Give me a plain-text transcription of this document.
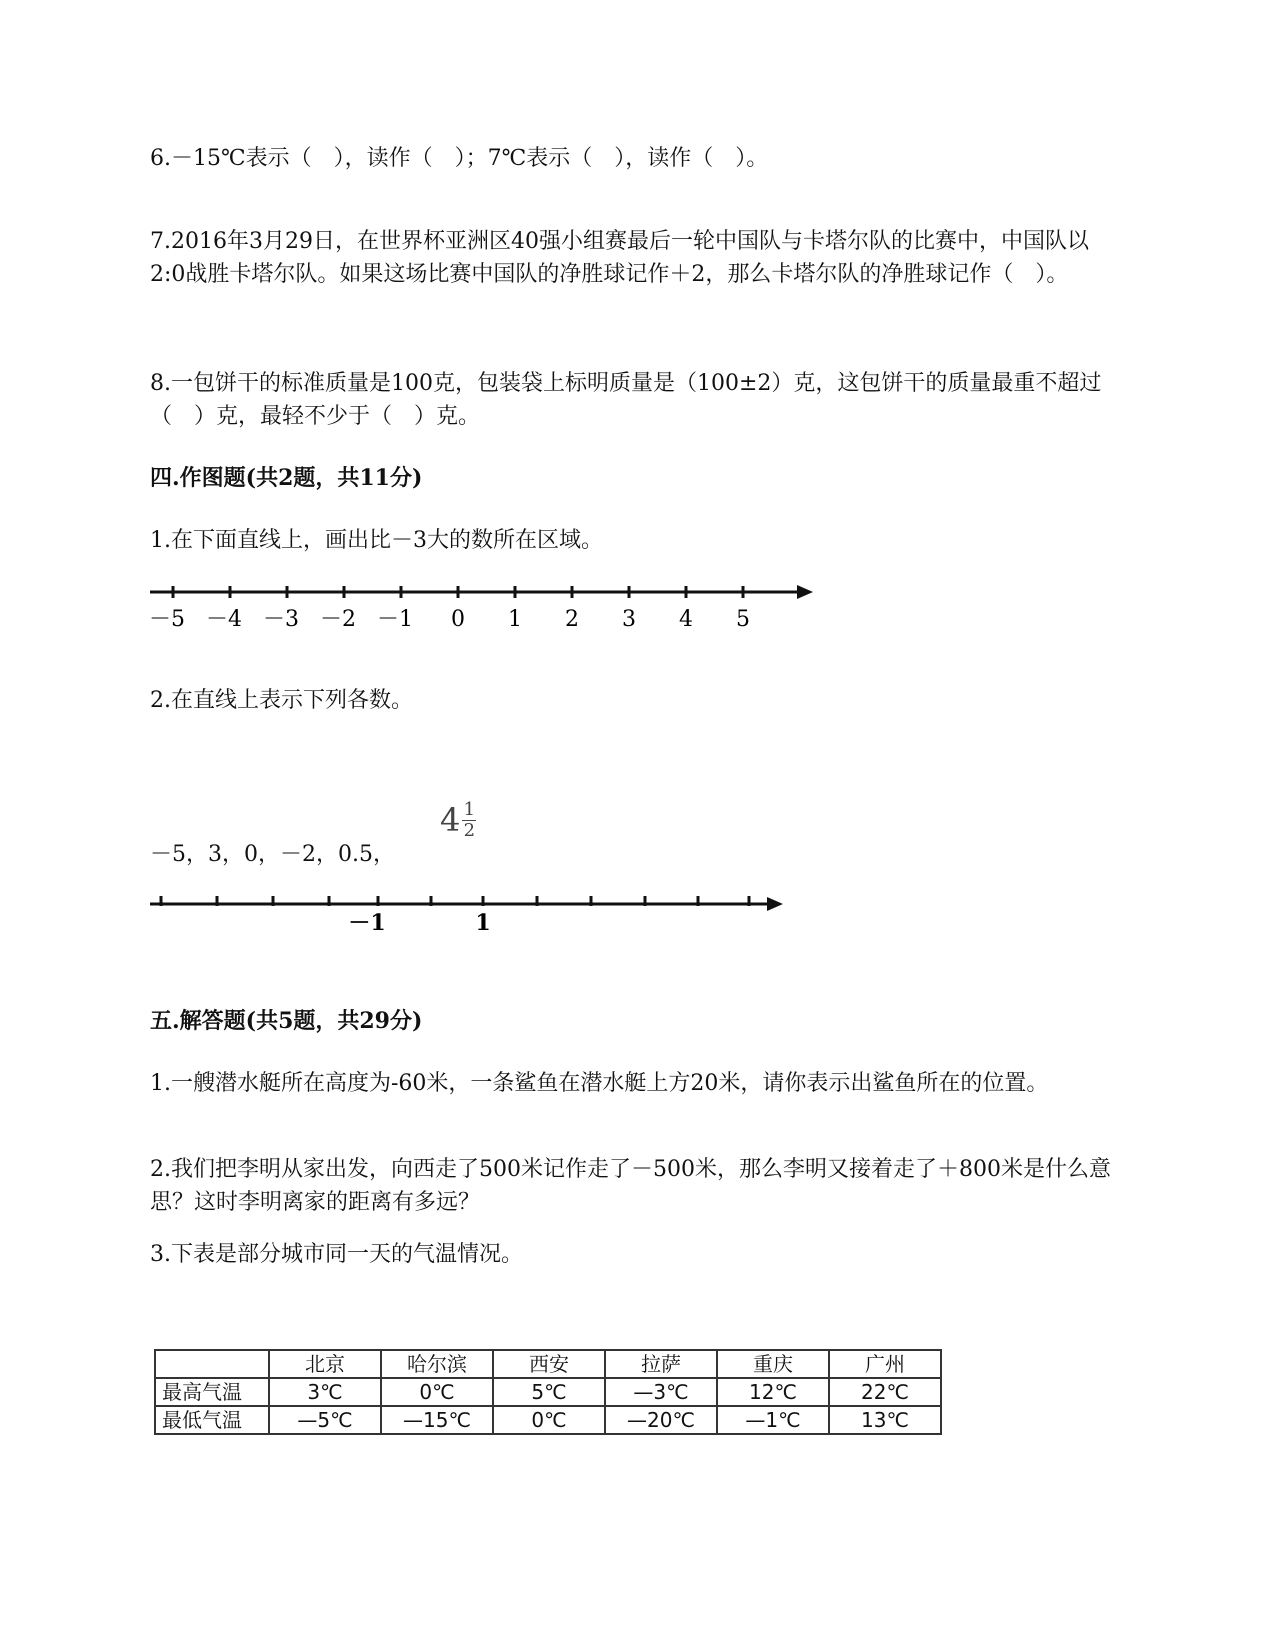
6.－15℃表示（　），读作（　）；7℃表示（　），读作（　）。
7.2016年3月29日，在世界杯亚洲区40强小组赛最后一轮中国队与卡塔尔队的比赛中，中国队以2:0战胜卡塔尔队。如果这场比赛中国队的净胜球记作＋2，那么卡塔尔队的净胜球记作（　）。
8.一包饼干的标准质量是100克，包装袋上标明质量是（100±2）克，这包饼干的质量最重不超过（　）克，最轻不少于（　）克。
四.作图题(共2题，共11分)
1.在下面直线上，画出比－3大的数所在区域。
－5 －4 －3 －2 －1 0 1 2 3 4 5
2.在直线上表示下列各数。
－5，3，0，－2，0.5，
$4 \frac{1}{2}$
－1	1
五.解答题(共5题，共29分)
1.一艘潜水艇所在高度为-60米，一条鲨鱼在潜水艇上方20米，请你表示出鲨鱼所在的位置。
2.我们把李明从家出发，向西走了500米记作走了－500米，那么李明又接着走了＋800米是什么意思？这时李明离家的距离有多远？
3.下表是部分城市同一天的气温情况。
	北京	哈尔滨	西安	拉萨	重庆	广州
最高气温	3℃	0℃	5℃	—3℃	12℃	22℃
最低气温	—5℃	—15℃	0℃	—20℃	—1℃	13℃
